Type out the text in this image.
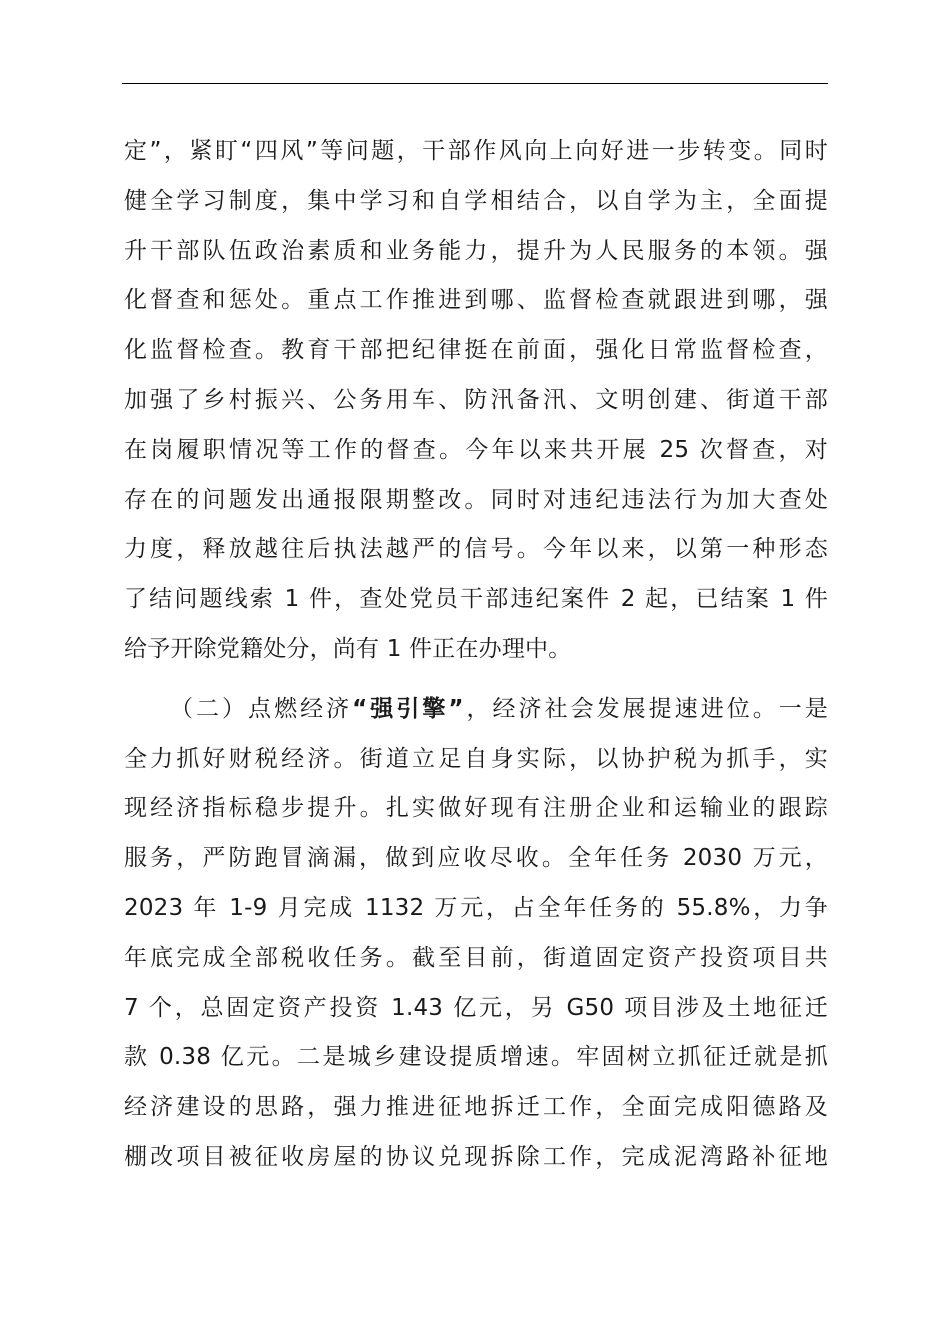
定”，紧盯“四风”等问题，干部作风向上向好进一步转变。同时
健全学习制度，集中学习和自学相结合，以自学为主，全面提
升干部队伍政治素质和业务能力，提升为人民服务的本领。强
化督查和惩处。重点工作推进到哪、监督检查就跟进到哪，强
化监督检查。教育干部把纪律挺在前面，强化日常监督检查，
加强了乡村振兴、公务用车、防汛备汛、文明创建、街道干部
在岗履职情况等工作的督查。今年以来共开展 25 次督查，对
存在的问题发出通报限期整改。同时对违纪违法行为加大查处
力度，释放越往后执法越严的信号。今年以来，以第一种形态
了结问题线索 1 件，查处党员干部违纪案件 2 起，已结案 1 件
给予开除党籍处分，尚有 1 件正在办理中。

（二）点燃经济“强引擎”，经济社会发展提速进位。一是
全力抓好财税经济。街道立足自身实际，以协护税为抓手，实
现经济指标稳步提升。扎实做好现有注册企业和运输业的跟踪
服务，严防跑冒滴漏，做到应收尽收。全年任务 2030 万元，
2023 年 1-9 月完成 1132 万元，占全年任务的 55.8%，力争
年底完成全部税收任务。截至目前，街道固定资产投资项目共
7 个，总固定资产投资 1.43 亿元，另 G50 项目涉及土地征迁
款 0.38 亿元。二是城乡建设提质增速。牢固树立抓征迁就是抓
经济建设的思路，强力推进征地拆迁工作，全面完成阳德路及
棚改项目被征收房屋的协议兑现拆除工作，完成泥湾路补征地
